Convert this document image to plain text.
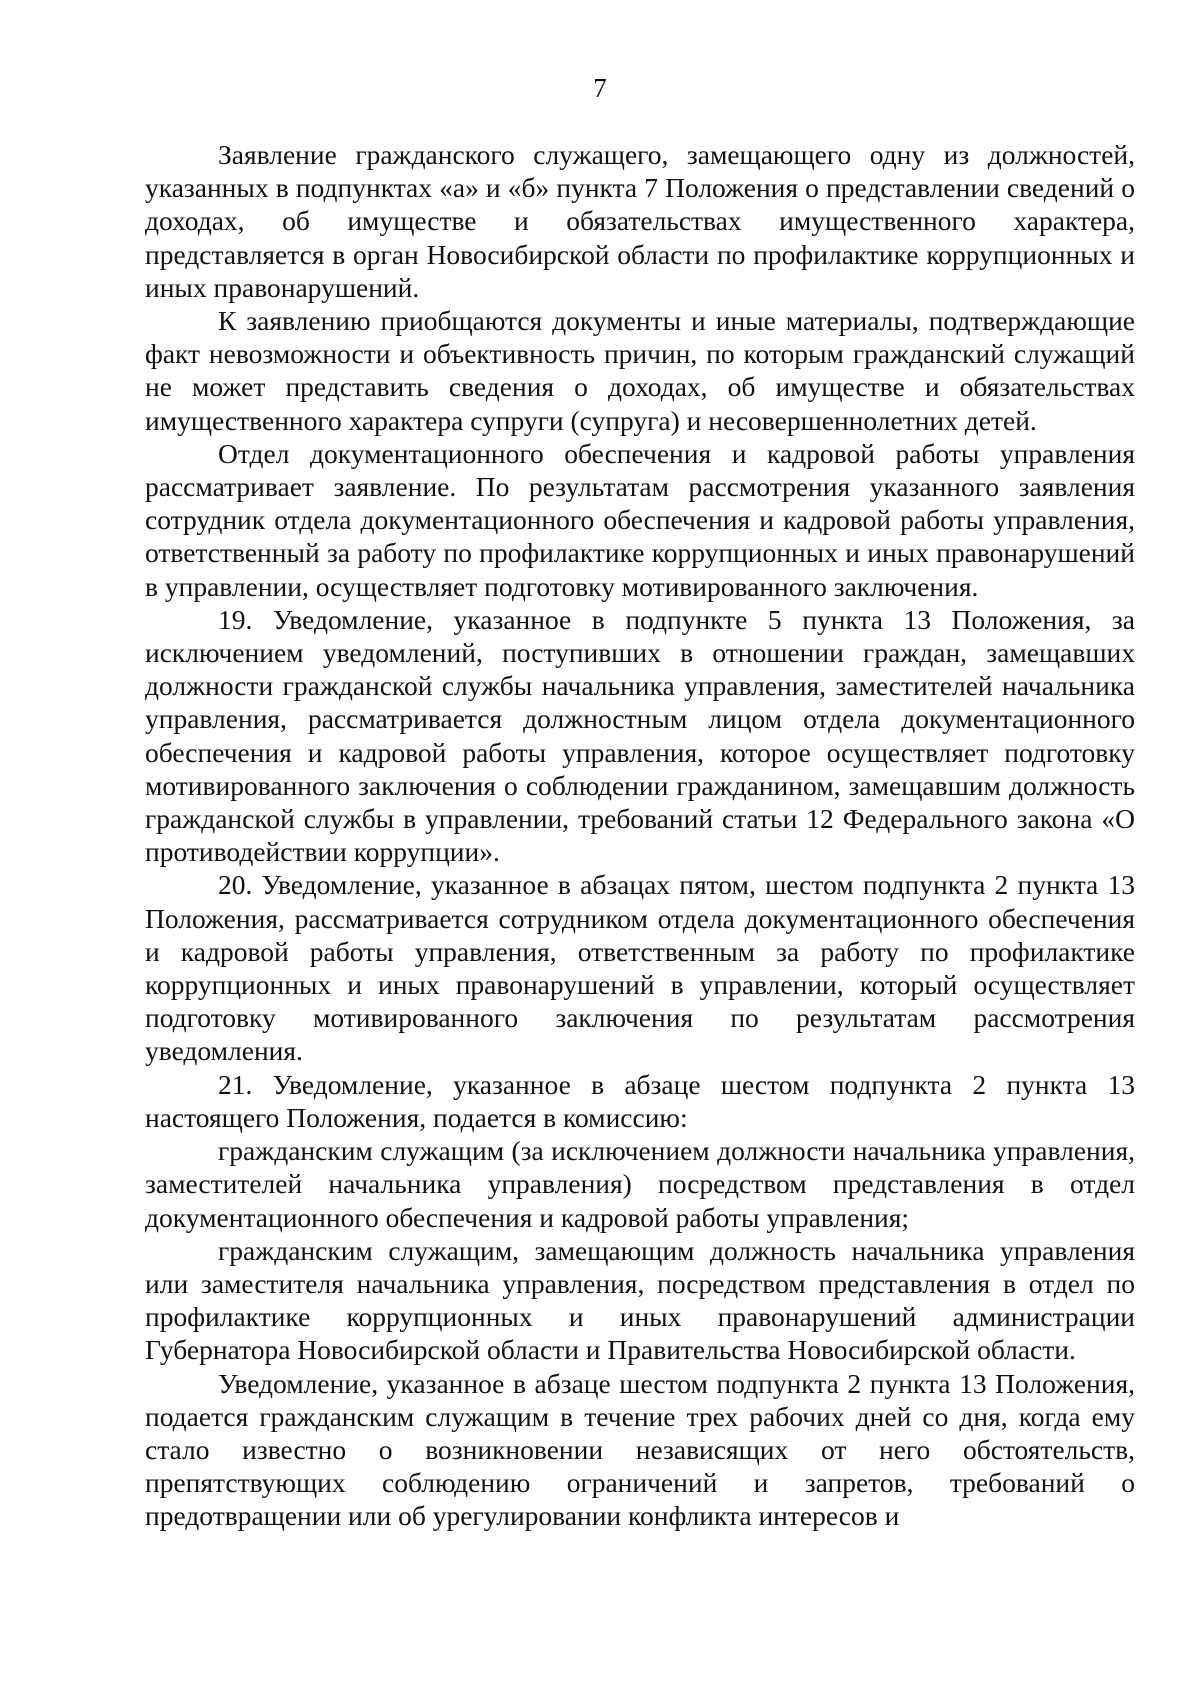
7

Заявление гражданского служащего, замещающего одну из должностей, указанных в подпунктах «а» и «б» пункта 7 Положения о представлении сведений о доходах, об имуществе и обязательствах имущественного характера, представляется в орган Новосибирской области по профилактике коррупционных и иных правонарушений.

К заявлению приобщаются документы и иные материалы, подтверждающие факт невозможности и объективность причин, по которым гражданский служащий не может представить сведения о доходах, об имуществе и обязательствах имущественного характера супруги (супруга) и несовершеннолетних детей.

Отдел документационного обеспечения и кадровой работы управления рассматривает заявление. По результатам рассмотрения указанного заявления сотрудник отдела документационного обеспечения и кадровой работы управления, ответственный за работу по профилактике коррупционных и иных правонарушений в управлении, осуществляет подготовку мотивированного заключения.

19. Уведомление, указанное в подпункте 5 пункта 13 Положения, за исключением уведомлений, поступивших в отношении граждан, замещавших должности гражданской службы начальника управления, заместителей начальника управления, рассматривается должностным лицом отдела документационного обеспечения и кадровой работы управления, которое осуществляет подготовку мотивированного заключения о соблюдении гражданином, замещавшим должность гражданской службы в управлении, требований статьи 12 Федерального закона «О противодействии коррупции».

20. Уведомление, указанное в абзацах пятом, шестом подпункта 2 пункта 13 Положения, рассматривается сотрудником отдела документационного обеспечения и кадровой работы управления, ответственным за работу по профилактике коррупционных и иных правонарушений в управлении, который осуществляет подготовку мотивированного заключения по результатам рассмотрения уведомления.

21. Уведомление, указанное в абзаце шестом подпункта 2 пункта 13 настоящего Положения, подается в комиссию:

гражданским служащим (за исключением должности начальника управления, заместителей начальника управления) посредством представления в отдел документационного обеспечения и кадровой работы управления;

гражданским служащим, замещающим должность начальника управления или заместителя начальника управления, посредством представления в отдел по профилактике коррупционных и иных правонарушений администрации Губернатора Новосибирской области и Правительства Новосибирской области.

Уведомление, указанное в абзаце шестом подпункта 2 пункта 13 Положения, подается гражданским служащим в течение трех рабочих дней со дня, когда ему стало известно о возникновении независящих от него обстоятельств, препятствующих соблюдению ограничений и запретов, требований о предотвращении или об урегулировании конфликта интересов и
